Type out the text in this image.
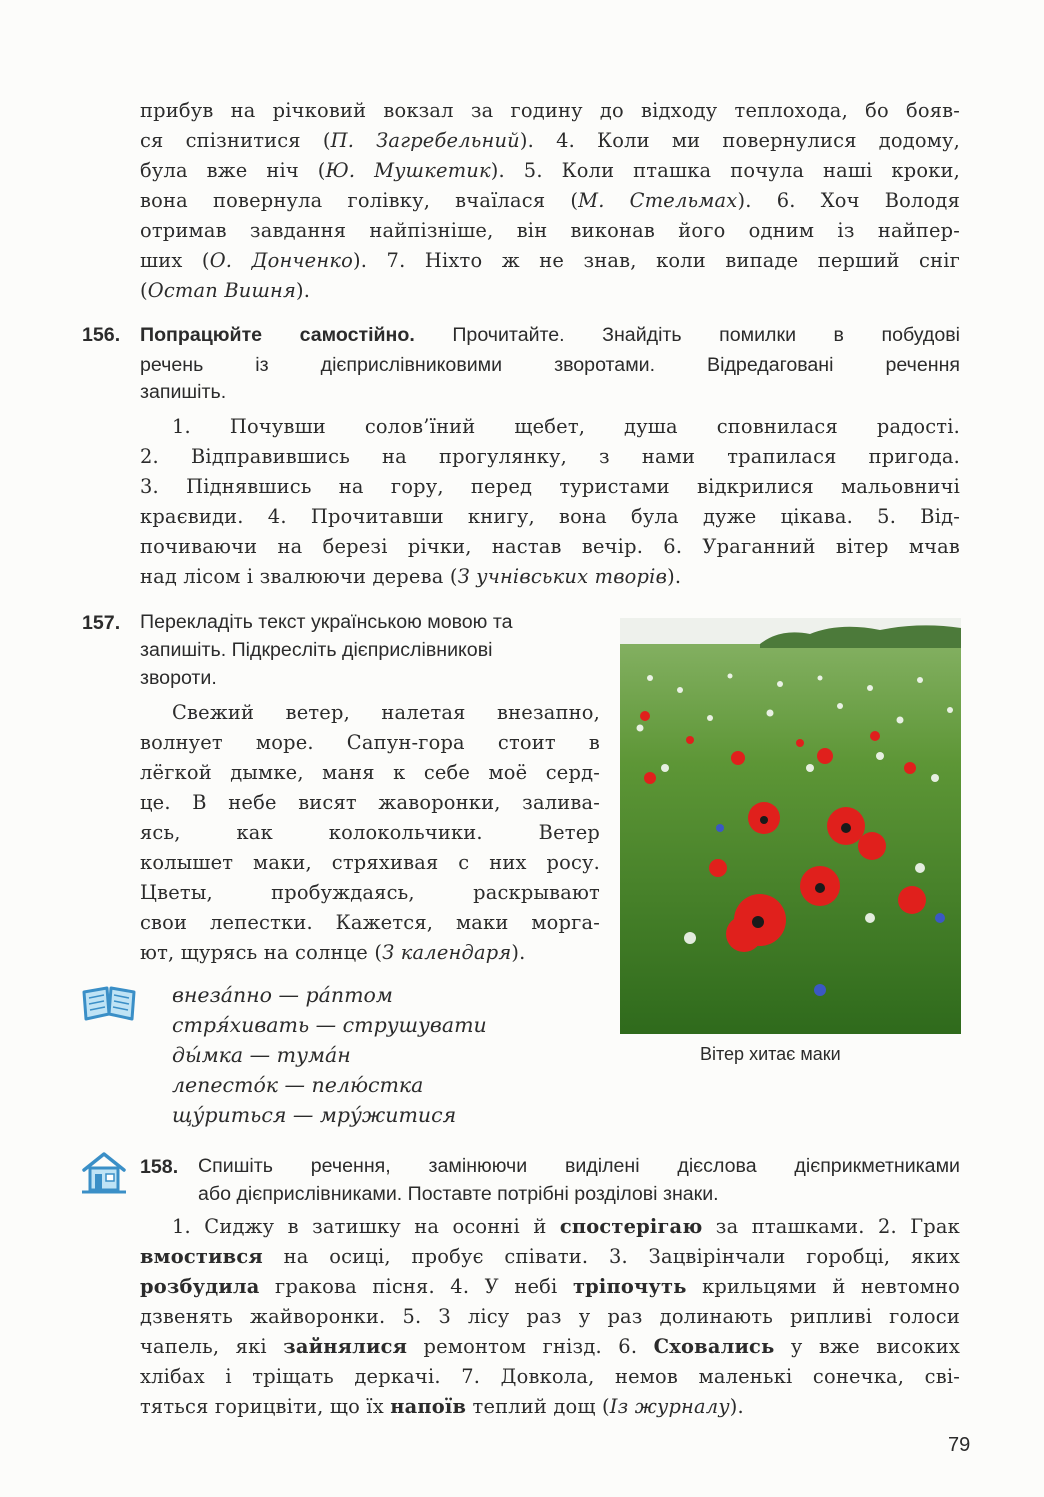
прибув на річковий вокзал за годину до відходу теплохода, бо бояв-
ся спізнитися (П. Загребельний). 4. Коли ми повернулися додому,
була вже ніч (Ю. Мушкетик). 5. Коли пташка почула наші кроки,
вона повернула голівку, вчаїлася (М. Стельмах). 6. Хоч Володя
отримав завдання найпізніше, він виконав його одним із найпер-
ших (О. Донченко). 7. Ніхто ж не знав, коли випаде перший сніг
(Остап Вишня).
156. Попрацюйте самостійно. Прочитайте. Знайдіть помилки в побудові
речень із дієприслівниковими зворотами. Відредаговані речення
запишіть.
1. Почувши солов’їний щебет, душа сповнилася радості.
2. Відправившись на прогулянку, з нами трапилася пригода.
3. Піднявшись на гору, перед туристами відкрилися мальовничі
краєвиди. 4. Прочитавши книгу, вона була дуже цікава. 5. Від-
почиваючи на березі річки, настав вечір. 6. Ураганний вітер мчав
над лісом і звалюючи дерева (З учнівських творів).
157. Перекладіть текст українською мовою та
запишіть. Підкресліть дієприслівникові
звороти.
Свежий ветер, налетая внезапно,
волнует море. Сапун-гора стоит в
лёгкой дымке, маня к себе моё серд-
це. В небе висят жаворонки, залива-
ясь, как колокольчики. Ветер
колышет маки, стряхивая с них росу.
Цветы, пробуждаясь, раскрывают
свои лепестки. Кажется, маки морга-
ют, щурясь на солнце (З календаря).
внеза́пно — ра́птом
стря́хивать — струшувати
ды́мка — тума́н
лепесто́к — пелю́стка
щу́риться — мру́житися
Вітер хитає маки
158. Спишіть речення, замінюючи виділені дієслова дієприкметниками
або дієприслівниками. Поставте потрібні розділові знаки.
1. Сиджу в затишку на осонні й спостерігаю за пташками. 2. Грак
вмостився на осиці, пробує співати. 3. Зацвірінчали горобці, яких
розбудила гракова пісня. 4. У небі тріпочуть крильцями й невтомно
дзвенять жайворонки. 5. З лісу раз у раз долинають рипливі голоси
чапель, які зайнялися ремонтом гнізд. 6. Сховались у вже високих
хлібах і тріщать деркачі. 7. Довкола, немов маленькі сонечка, сві-
тяться горицвіти, що їх напоїв теплий дощ (Із журналу).
79
